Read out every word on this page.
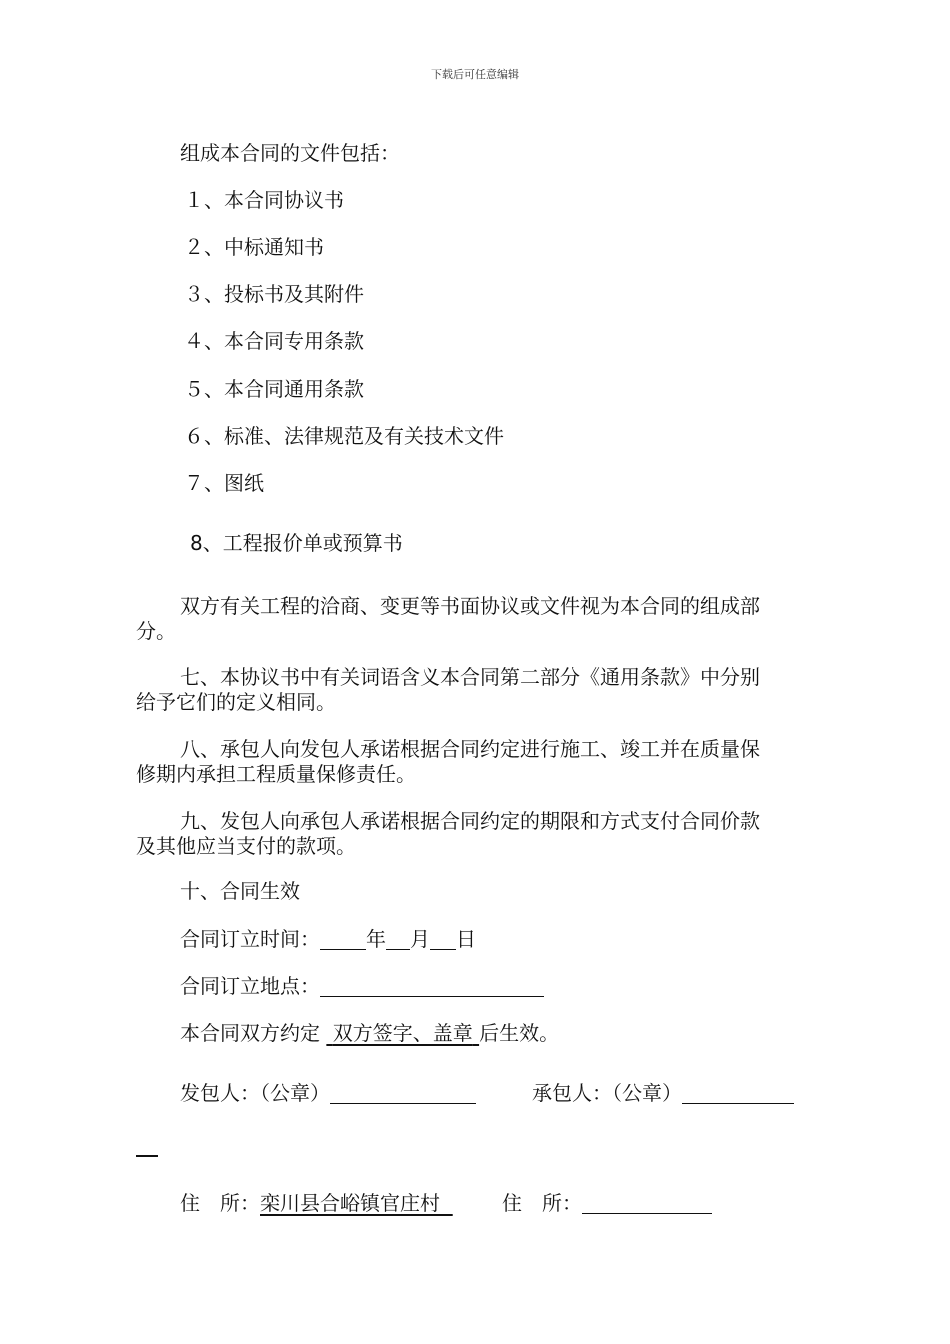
下载后可任意编辑
组成本合同的文件包括：
１、本合同协议书
２、中标通知书
３、投标书及其附件
４、本合同专用条款
５、本合同通用条款
６、标准、法律规范及有关技术文件
７、图纸
8、工程报价单或预算书
双方有关工程的洽商、变更等书面协议或文件视为本合同的组成部
分。
七、本协议书中有关词语含义本合同第二部分《通用条款》中分别
给予它们的定义相同。
八、承包人向发包人承诺根据合同约定进行施工、竣工并在质量保
修期内承担工程质量保修责任。
九、发包人向承包人承诺根据合同约定的期限和方式支付合同价款
及其他应当支付的款项。
十、合同生效
合同订立时间： 年 月 日
合同订立地点：
本合同双方约定 双方签字、盖章 后生效。
发包人：（公章）	承包人：（公章）
住　所：栾川县合峪镇官庄村	住　所：
